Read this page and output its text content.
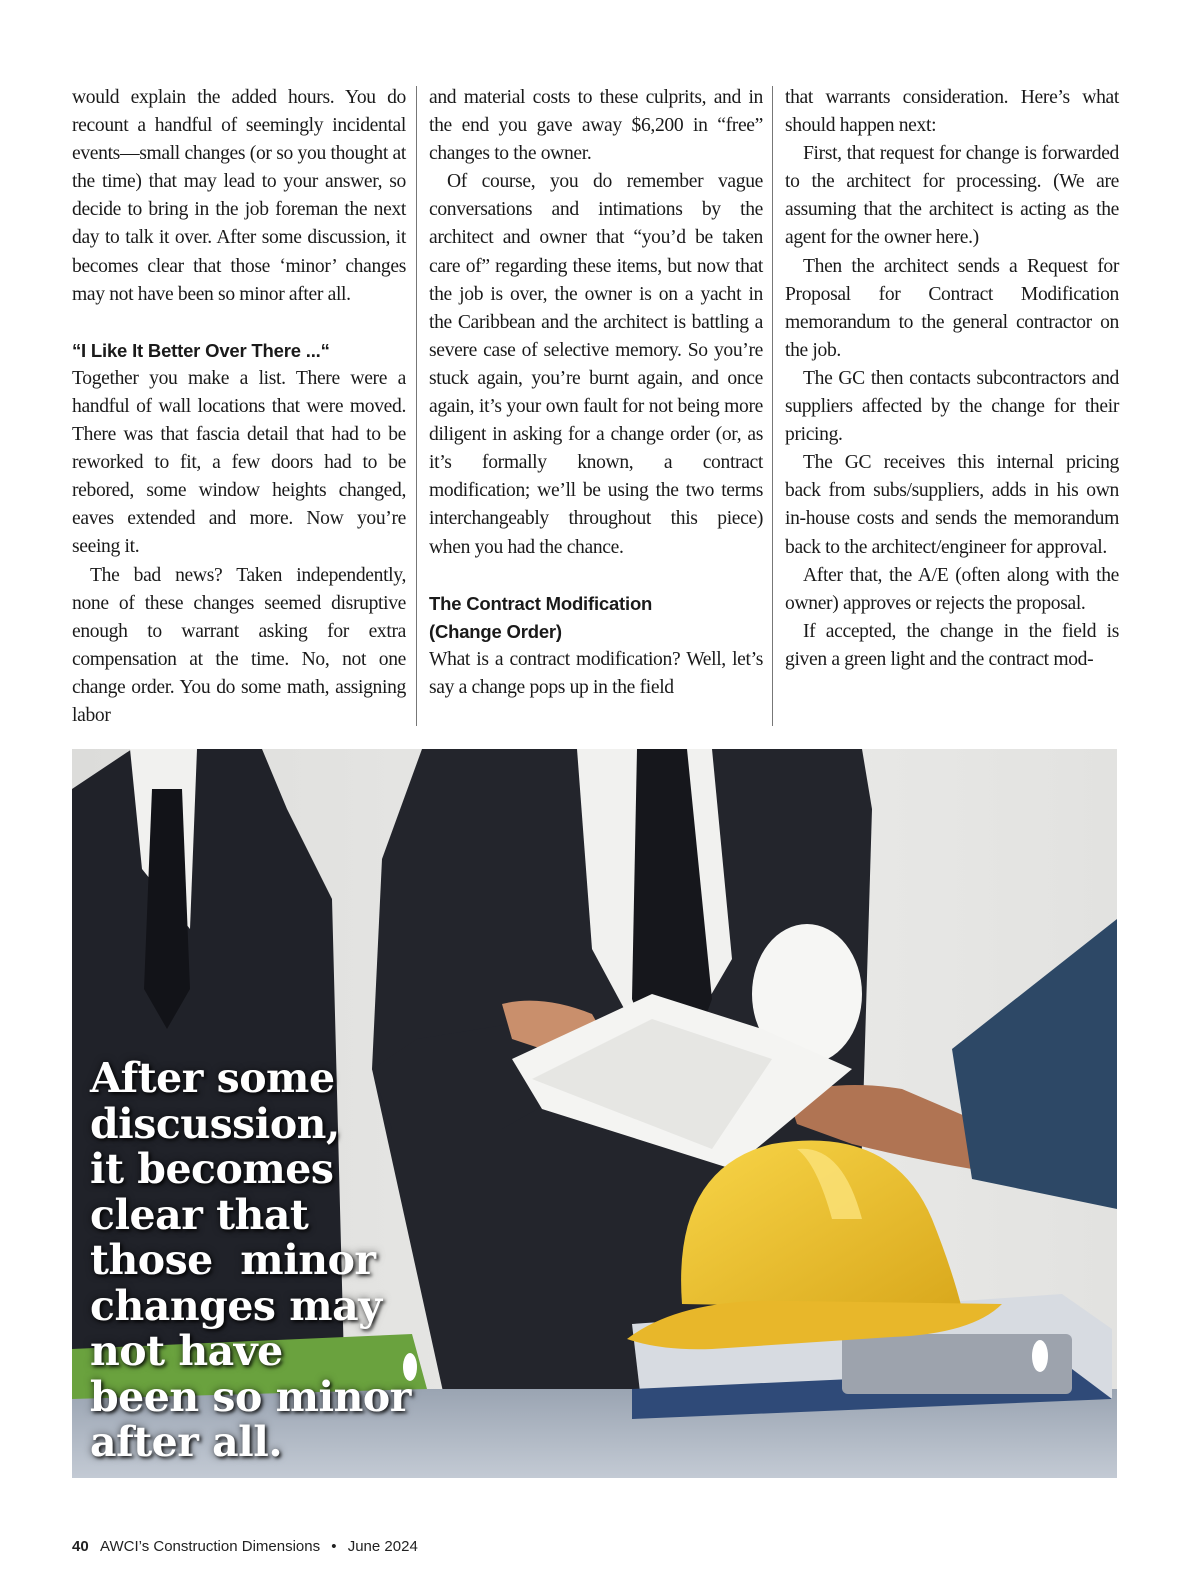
would explain the added hours. You do recount a handful of seemingly incidental events—small changes (or so you thought at the time) that may lead to your answer, so decide to bring in the job foreman the next day to talk it over. After some discussion, it becomes clear that those ‘minor’ changes may not have been so minor after all.

“I Like It Better Over There ...“

Together you make a list. There were a handful of wall locations that were moved. There was that fascia detail that had to be reworked to fit, a few doors had to be rebored, some window heights changed, eaves extended and more. Now you’re seeing it.

The bad news? Taken independently, none of these changes seemed disruptive enough to warrant asking for extra compensation at the time. No, not one change order. You do some math, assigning labor

and material costs to these culprits, and in the end you gave away $6,200 in “free” changes to the owner.

Of course, you do remember vague conversations and intimations by the architect and owner that “you’d be taken care of” regarding these items, but now that the job is over, the owner is on a yacht in the Caribbean and the architect is battling a severe case of selective memory. So you’re stuck again, you’re burnt again, and once again, it’s your own fault for not being more diligent in asking for a change order (or, as it’s formally known, a contract modification; we’ll be using the two terms interchangeably throughout this piece) when you had the chance.

The Contract Modification
(Change Order)

What is a contract modification? Well, let’s say a change pops up in the field

that warrants consideration. Here’s what should happen next:

First, that request for change is forwarded to the architect for processing. (We are assuming that the architect is acting as the agent for the owner here.)

Then the architect sends a Request for Proposal for Contract Modification memorandum to the general contractor on the job.

The GC then contacts subcontractors and suppliers affected by the change for their pricing.

The GC receives this internal pricing back from subs/suppliers, adds in his own in-house costs and sends the memorandum back to the architect/engineer for approval.

After that, the A/E (often along with the owner) approves or rejects the proposal.

If accepted, the change in the field is given a green light and the contract mod-

After some
discussion,
it becomes
clear that
those  minor
changes may
not have
been so minor
after all.
40 AWCI’s Construction Dimensions • June 2024
